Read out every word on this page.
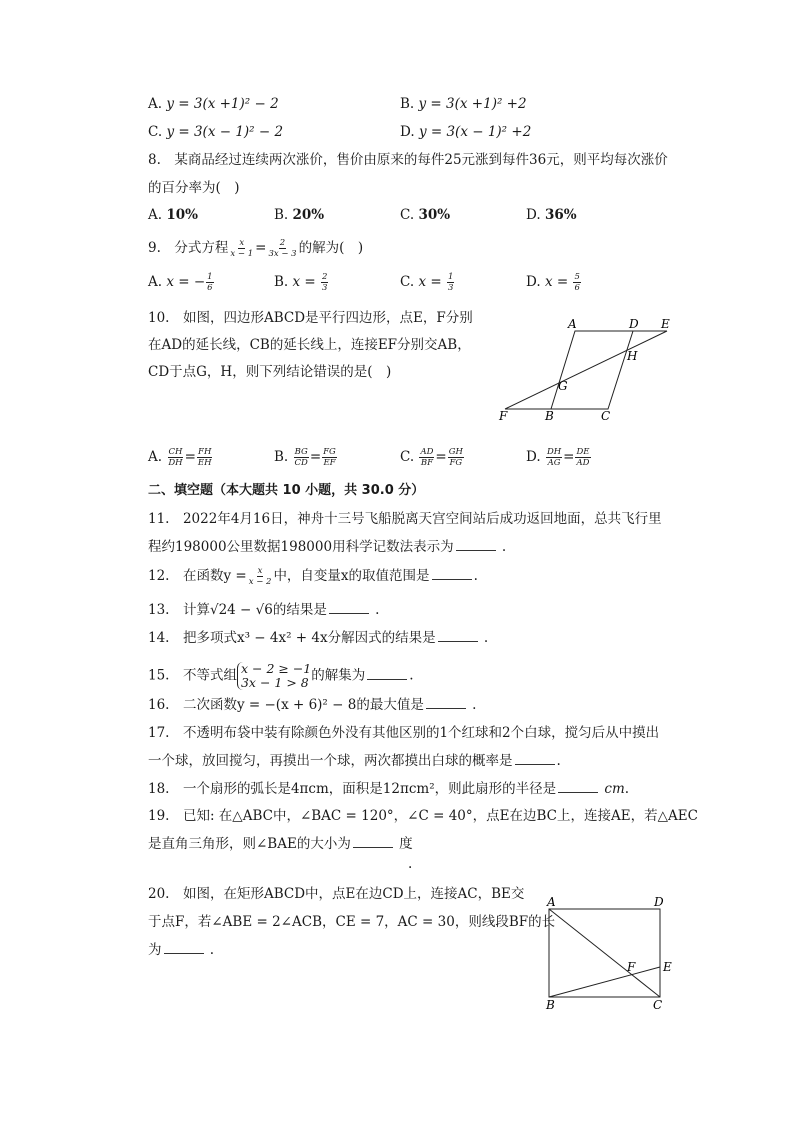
A. y = 3(x +1)² − 2	B. y = 3(x +1)² +2
C. y = 3(x − 1)² − 2	D. y = 3(x − 1)² +2
8.　某商品经过连续两次涨价，售价由原来的每件25元涨到每件36元，则平均每次涨价
的百分率为(　)
A. 10%	B. 20%	C. 30%	D. 36%
9.　分式方程 $\frac{x}{x - 1} = \frac{2}{3x - 3}$ 的解为(　)
A. x = − $\frac{1}{6}$	B. $x = \frac{2}{3}$	C. $x = \frac{1}{3}$	D. $x = \frac{5}{6}$
10.　如图，四边形ABCD是平行四边形，点E，F分别
在AD的延长线，CB的延长线上，连接EF分别交AB，
CD于点G，H，则下列结论错误的是(　)
A	D E
H
G
F	B	C
A. $\frac{CH}{DH} = \frac{FH}{EH}$	B. $\frac{BG}{CD} = \frac{FG}{EF}$	C. $\frac{AD}{BF} = \frac{GH}{FG}$	D. $\frac{DH}{AG} = \frac{DE}{AD}$
二、填空题（本大题共 10 小题，共 30.0 分）
11.　2022年4月16日，神舟十三号飞船脱离天宫空间站后成功返回地面，总共飞行里
程约198000公里数据198000用科学记数法表示为	.
12.　在函数$y = \frac{x}{x - 2}$ 中，自变量x的取值范围是	.
13.　计算√24 − √6的结果是	.
14.　把多项式x³ − 4x² + 4x分解因式的结果是	.
15.　不等式组 x − 2 ≥ −1
3x − 1 > 8 的解集为	.
16.　二次函数y = −(x + 6)² − 8的最大值是	.
17.　不透明布袋中装有除颜色外没有其他区别的1个红球和2个白球，搅匀后从中摸出
一个球，放回搅匀，再摸出一个球，两次都摸出白球的概率是	.
18.　一个扇形的弧长是4πcm，面积是12πcm²，则此扇形的半径是	cm.
19.　已知: 在△ABC中，∠BAC = 120°，∠C = 40°，点E在边BC上，连接AE，若△AEC
是直角三角形，则∠BAE的大小为	度
.
20.　如图，在矩形ABCD中，点E在边CD上，连接AC，BE交
于点F，若∠ABE = 2∠ACB，CE = 7，AC = 30，则线段BF的长
为	.
A	D
F E
B	C
